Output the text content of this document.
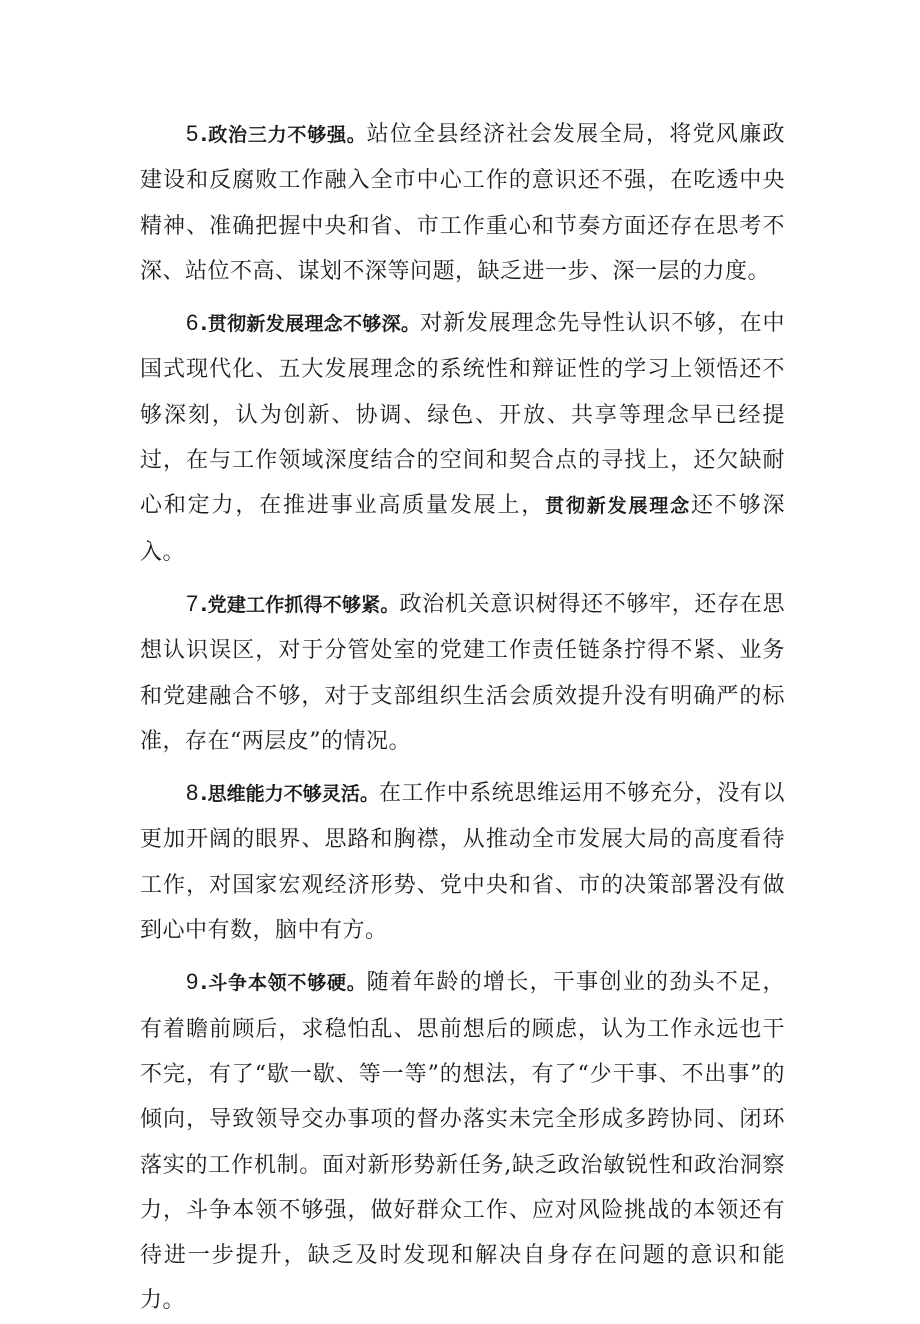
5.政治三力不够强。站位全县经济社会发展全局，将党风廉政建设和反腐败工作融入全市中心工作的意识还不强，在吃透中央精神、准确把握中央和省、市工作重心和节奏方面还存在思考不深、站位不高、谋划不深等问题，缺乏进一步、深一层的力度。

6.贯彻新发展理念不够深。对新发展理念先导性认识不够，在中国式现代化、五大发展理念的系统性和辩证性的学习上领悟还不够深刻，认为创新、协调、绿色、开放、共享等理念早已经提过，在与工作领域深度结合的空间和契合点的寻找上，还欠缺耐心和定力，在推进事业高质量发展上，贯彻新发展理念还不够深入。

7.党建工作抓得不够紧。政治机关意识树得还不够牢，还存在思想认识误区，对于分管处室的党建工作责任链条拧得不紧、业务和党建融合不够，对于支部组织生活会质效提升没有明确严的标准，存在“两层皮”的情况。

8.思维能力不够灵活。在工作中系统思维运用不够充分，没有以更加开阔的眼界、思路和胸襟，从推动全市发展大局的高度看待工作，对国家宏观经济形势、党中央和省、市的决策部署没有做到心中有数，脑中有方。

9.斗争本领不够硬。随着年龄的增长，干事创业的劲头不足，有着瞻前顾后，求稳怕乱、思前想后的顾虑，认为工作永远也干不完，有了“歇一歇、等一等”的想法，有了“少干事、不出事”的倾向，导致领导交办事项的督办落实未完全形成多跨协同、闭环落实的工作机制。面对新形势新任务,缺乏政治敏锐性和政治洞察力，斗争本领不够强，做好群众工作、应对风险挑战的本领还有待进一步提升，缺乏及时发现和解决自身存在问题的意识和能力。
